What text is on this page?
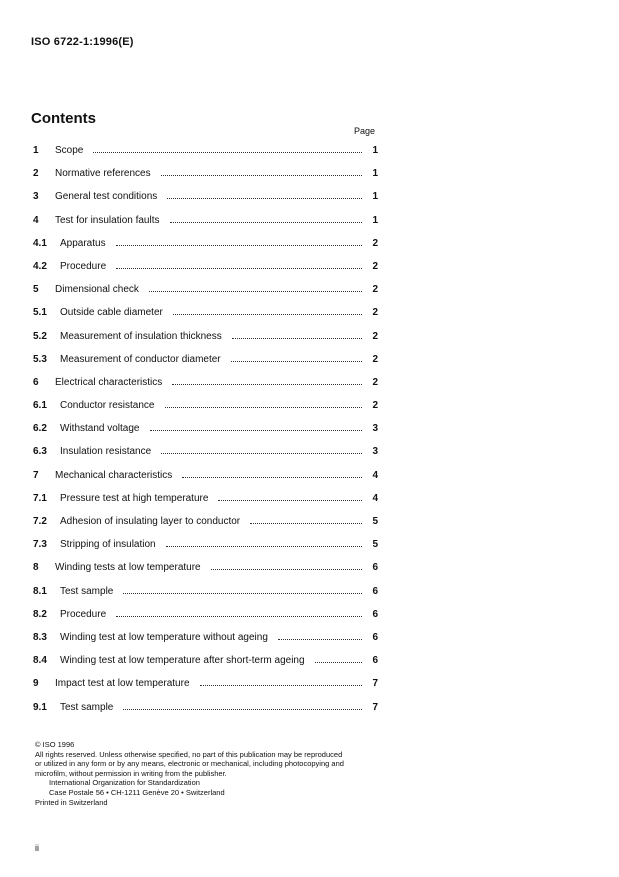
ISO 6722-1:1996(E)
Contents
Page
1	Scope	1
2	Normative references	1
3	General test conditions	1
4	Test for insulation faults	1
4.1	Apparatus	2
4.2	Procedure	2
5	Dimensional check	2
5.1	Outside cable diameter	2
5.2	Measurement of insulation thickness	2
5.3	Measurement of conductor diameter	2
6	Electrical characteristics	2
6.1	Conductor resistance	2
6.2	Withstand voltage	3
6.3	Insulation resistance	3
7	Mechanical characteristics	4
7.1	Pressure test at high temperature	4
7.2	Adhesion of insulating layer to conductor	5
7.3	Stripping of insulation	5
8	Winding tests at low temperature	6
8.1	Test sample	6
8.2	Procedure	6
8.3	Winding test at low temperature without ageing	6
8.4	Winding test at low temperature after short-term ageing	6
9	Impact test at low temperature	7
9.1	Test sample	7
© ISO 1996
All rights reserved. Unless otherwise specified, no part of this publication may be reproduced
or utilized in any form or by any means, electronic or mechanical, including photocopying and
microfilm, without permission in writing from the publisher.
International Organization for Standardization
Case Postale 56 • CH-1211 Genève 20 • Switzerland
Printed in Switzerland
ii
